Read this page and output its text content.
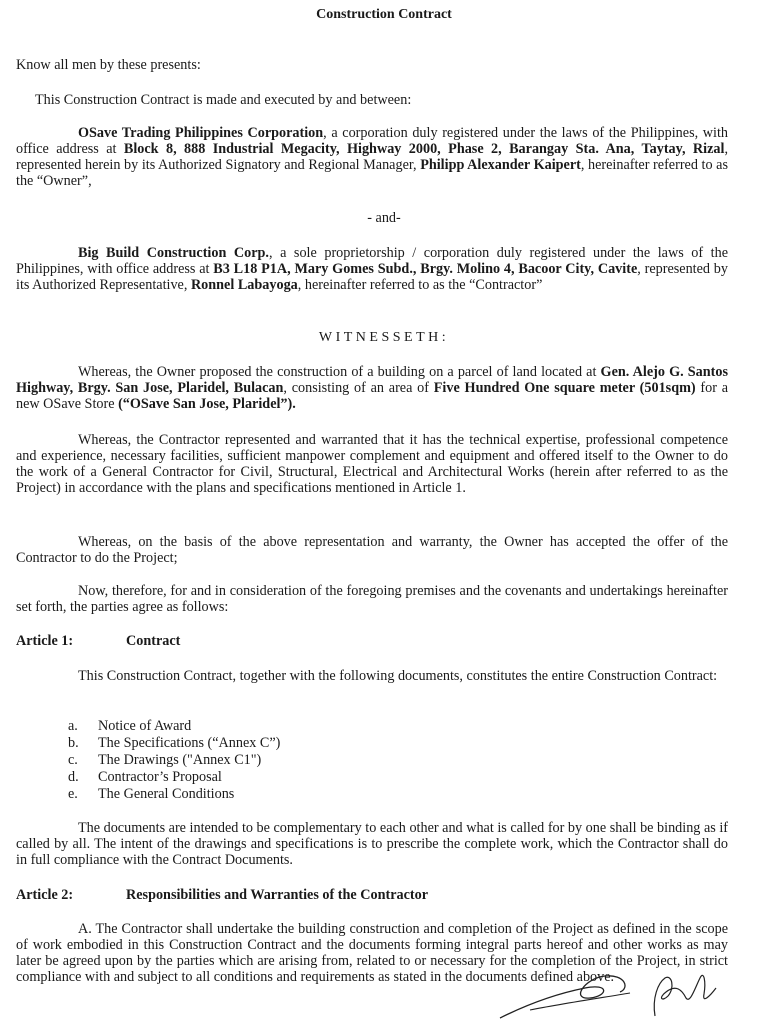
Construction Contract
Know all men by these presents:
This Construction Contract is made and executed by and between:
OSave Trading Philippines Corporation, a corporation duly registered under the laws of the Philippines, with office address at Block 8, 888 Industrial Megacity, Highway 2000, Phase 2, Barangay Sta. Ana, Taytay, Rizal, represented herein by its Authorized Signatory and Regional Manager, Philipp Alexander Kaipert, hereinafter referred to as the “Owner”,
- and-
Big Build Construction Corp., a sole proprietorship / corporation duly registered under the laws of the Philippines, with office address at B3 L18 P1A, Mary Gomes Subd., Brgy. Molino 4, Bacoor City, Cavite, represented by its Authorized Representative, Ronnel Labayoga, hereinafter referred to as the “Contractor”
WITNESSETH:
Whereas, the Owner proposed the construction of a building on a parcel of land located at Gen. Alejo G. Santos Highway, Brgy. San Jose, Plaridel, Bulacan, consisting of an area of Five Hundred One square meter (501sqm) for a new OSave Store (“OSave San Jose, Plaridel”).
Whereas, the Contractor represented and warranted that it has the technical expertise, professional competence and experience, necessary facilities, sufficient manpower complement and equipment and offered itself to the Owner to do the work of a General Contractor for Civil, Structural, Electrical and Architectural Works (herein after referred to as the Project) in accordance with the plans and specifications mentioned in Article 1.
Whereas, on the basis of the above representation and warranty, the Owner has accepted the offer of the Contractor to do the Project;
Now, therefore, for and in consideration of the foregoing premises and the covenants and undertakings hereinafter set forth, the parties agree as follows:
Article 1:	Contract
This Construction Contract, together with the following documents, constitutes the entire Construction Contract:
a. Notice of Award
b. The Specifications (“Annex C”)
c. The Drawings ("Annex C1")
d. Contractor’s Proposal
e. The General Conditions
The documents are intended to be complementary to each other and what is called for by one shall be binding as if called by all. The intent of the drawings and specifications is to prescribe the complete work, which the Contractor shall do in full compliance with the Contract Documents.
Article 2:	Responsibilities and Warranties of the Contractor
A. The Contractor shall undertake the building construction and completion of the Project as defined in the scope of work embodied in this Construction Contract and the documents forming integral parts hereof and other works as may later be agreed upon by the parties which are arising from, related to or necessary for the completion of the Project, in strict compliance with and subject to all conditions and requirements as stated in the documents defined above.
